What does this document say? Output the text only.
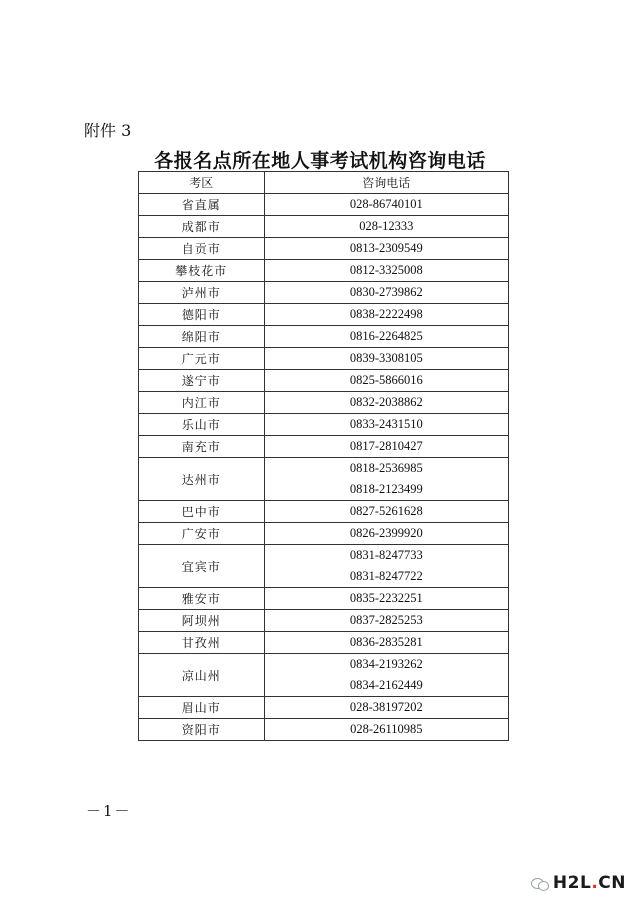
附件 3
各报名点所在地人事考试机构咨询电话
考区	咨询电话
省直属	028-86740101

成都市	028-12333

自贡市	0813-2309549

攀枝花市	0812-3325008

泸州市	0830-2739862

德阳市	0838-2222498

绵阳市	0816-2264825

广元市	0839-3308105

遂宁市	0825-5866016

内江市	0832-2038862

乐山市	0833-2431510

南充市	0817-2810427

达州市	0818-2536985
0818-2123499

巴中市	0827-5261628

广安市	0826-2399920

宜宾市	0831-8247733
0831-8247722

雅安市	0835-2232251

阿坝州	0837-2825253

甘孜州	0836-2835281

凉山州	0834-2193262
0834-2162449

眉山市	028-38197202

资阳市	028-26110985
－1－
H2L.CN
